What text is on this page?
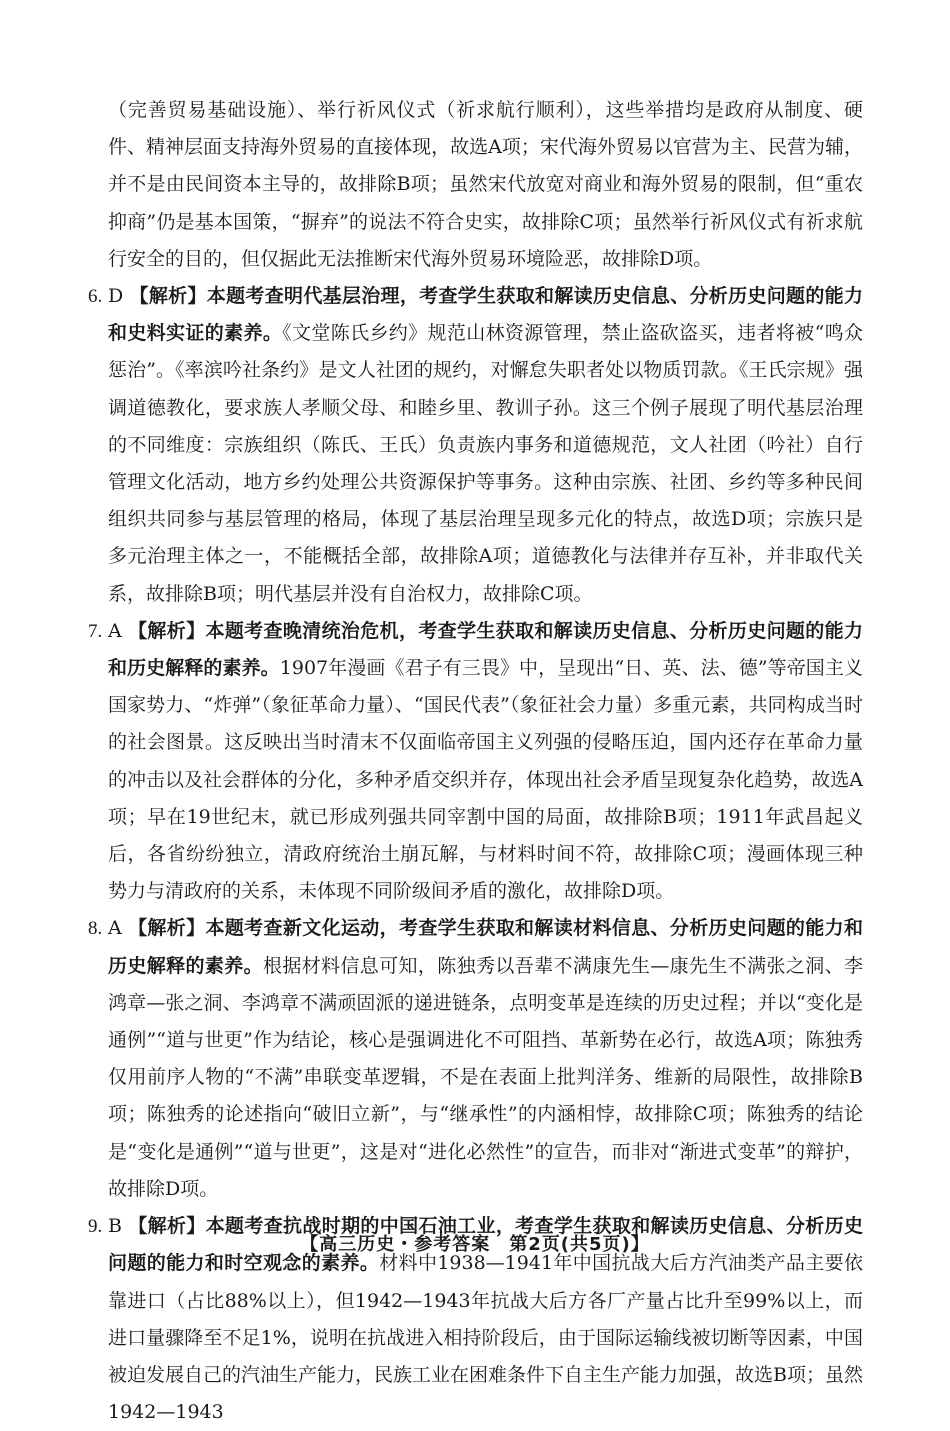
（完善贸易基础设施）、举行祈风仪式（祈求航行顺利），这些举措均是政府从制度、硬件、精神层面支持海外贸易的直接体现，故选A项；宋代海外贸易以官营为主、民营为辅，并不是由民间资本主导的，故排除B项；虽然宋代放宽对商业和海外贸易的限制，但“重农抑商”仍是基本国策，“摒弃”的说法不符合史实，故排除C项；虽然举行祈风仪式有祈求航行安全的目的，但仅据此无法推断宋代海外贸易环境险恶，故排除D项。

6. D 【解析】本题考查明代基层治理，考查学生获取和解读历史信息、分析历史问题的能力和史料实证的素养。《文堂陈氏乡约》规范山林资源管理，禁止盗砍盗买，违者将被“鸣众惩治”。《率滨吟社条约》是文人社团的规约，对懈怠失职者处以物质罚款。《王氏宗规》强调道德教化，要求族人孝顺父母、和睦乡里、教训子孙。这三个例子展现了明代基层治理的不同维度：宗族组织（陈氏、王氏）负责族内事务和道德规范，文人社团（吟社）自行管理文化活动，地方乡约处理公共资源保护等事务。这种由宗族、社团、乡约等多种民间组织共同参与基层管理的格局，体现了基层治理呈现多元化的特点，故选D项；宗族只是多元治理主体之一，不能概括全部，故排除A项；道德教化与法律并存互补，并非取代关系，故排除B项；明代基层并没有自治权力，故排除C项。
7. A 【解析】本题考查晚清统治危机，考查学生获取和解读历史信息、分析历史问题的能力和历史解释的素养。1907年漫画《君子有三畏》中，呈现出“日、英、法、德”等帝国主义国家势力、“炸弹”（象征革命力量）、“国民代表”（象征社会力量）多重元素，共同构成当时的社会图景。这反映出当时清末不仅面临帝国主义列强的侵略压迫，国内还存在革命力量的冲击以及社会群体的分化，多种矛盾交织并存，体现出社会矛盾呈现复杂化趋势，故选A项；早在19世纪末，就已形成列强共同宰割中国的局面，故排除B项；1911年武昌起义后，各省纷纷独立，清政府统治土崩瓦解，与材料时间不符，故排除C项；漫画体现三种势力与清政府的关系，未体现不同阶级间矛盾的激化，故排除D项。
8. A 【解析】本题考查新文化运动，考查学生获取和解读材料信息、分析历史问题的能力和历史解释的素养。根据材料信息可知，陈独秀以吾辈不满康先生—康先生不满张之洞、李鸿章—张之洞、李鸿章不满顽固派的递进链条，点明变革是连续的历史过程；并以“变化是通例”“道与世更”作为结论，核心是强调进化不可阻挡、革新势在必行，故选A项；陈独秀仅用前序人物的“不满”串联变革逻辑，不是在表面上批判洋务、维新的局限性，故排除B项；陈独秀的论述指向“破旧立新”，与“继承性”的内涵相悖，故排除C项；陈独秀的结论是“变化是通例”“道与世更”，这是对“进化必然性”的宣告，而非对“渐进式变革”的辩护，故排除D项。
9. B 【解析】本题考查抗战时期的中国石油工业，考查学生获取和解读历史信息、分析历史问题的能力和时空观念的素养。材料中1938—1941年中国抗战大后方汽油类产品主要依靠进口（占比88%以上），但1942—1943年抗战大后方各厂产量占比升至99%以上，而进口量骤降至不足1%，说明在抗战进入相持阶段后，由于国际运输线被切断等因素，中国被迫发展自己的汽油生产能力，民族工业在困难条件下自主生产能力加强，故选B项；虽然1942—1943
【高三历史・参考答案　第2页(共5页)】
